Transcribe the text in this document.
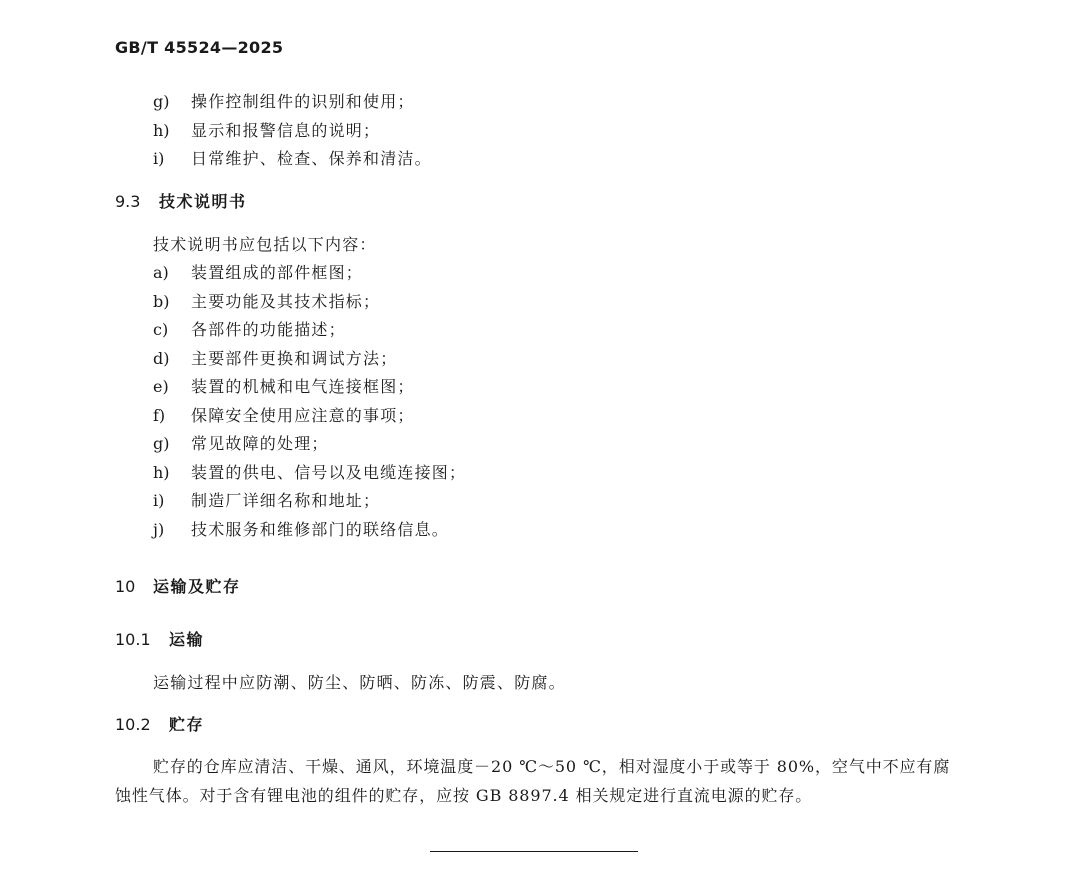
GB/T 45524—2025
g) 操作控制组件的识别和使用；
h) 显示和报警信息的说明；
i) 日常维护、检查、保养和清洁。
9.3 技术说明书
技术说明书应包括以下内容：
a) 装置组成的部件框图；
b) 主要功能及其技术指标；
c) 各部件的功能描述；
d) 主要部件更换和调试方法；
e) 装置的机械和电气连接框图；
f) 保障安全使用应注意的事项；
g) 常见故障的处理；
h) 装置的供电、信号以及电缆连接图；
i) 制造厂详细名称和地址；
j) 技术服务和维修部门的联络信息。
10 运输及贮存
10.1 运输
运输过程中应防潮、防尘、防晒、防冻、防震、防腐。
10.2 贮存
贮存的仓库应清洁、干燥、通风，环境温度－20 ℃～50 ℃，相对湿度小于或等于 80%，空气中不应有腐蚀性气体。对于含有锂电池的组件的贮存，应按 GB 8897.4 相关规定进行直流电源的贮存。
